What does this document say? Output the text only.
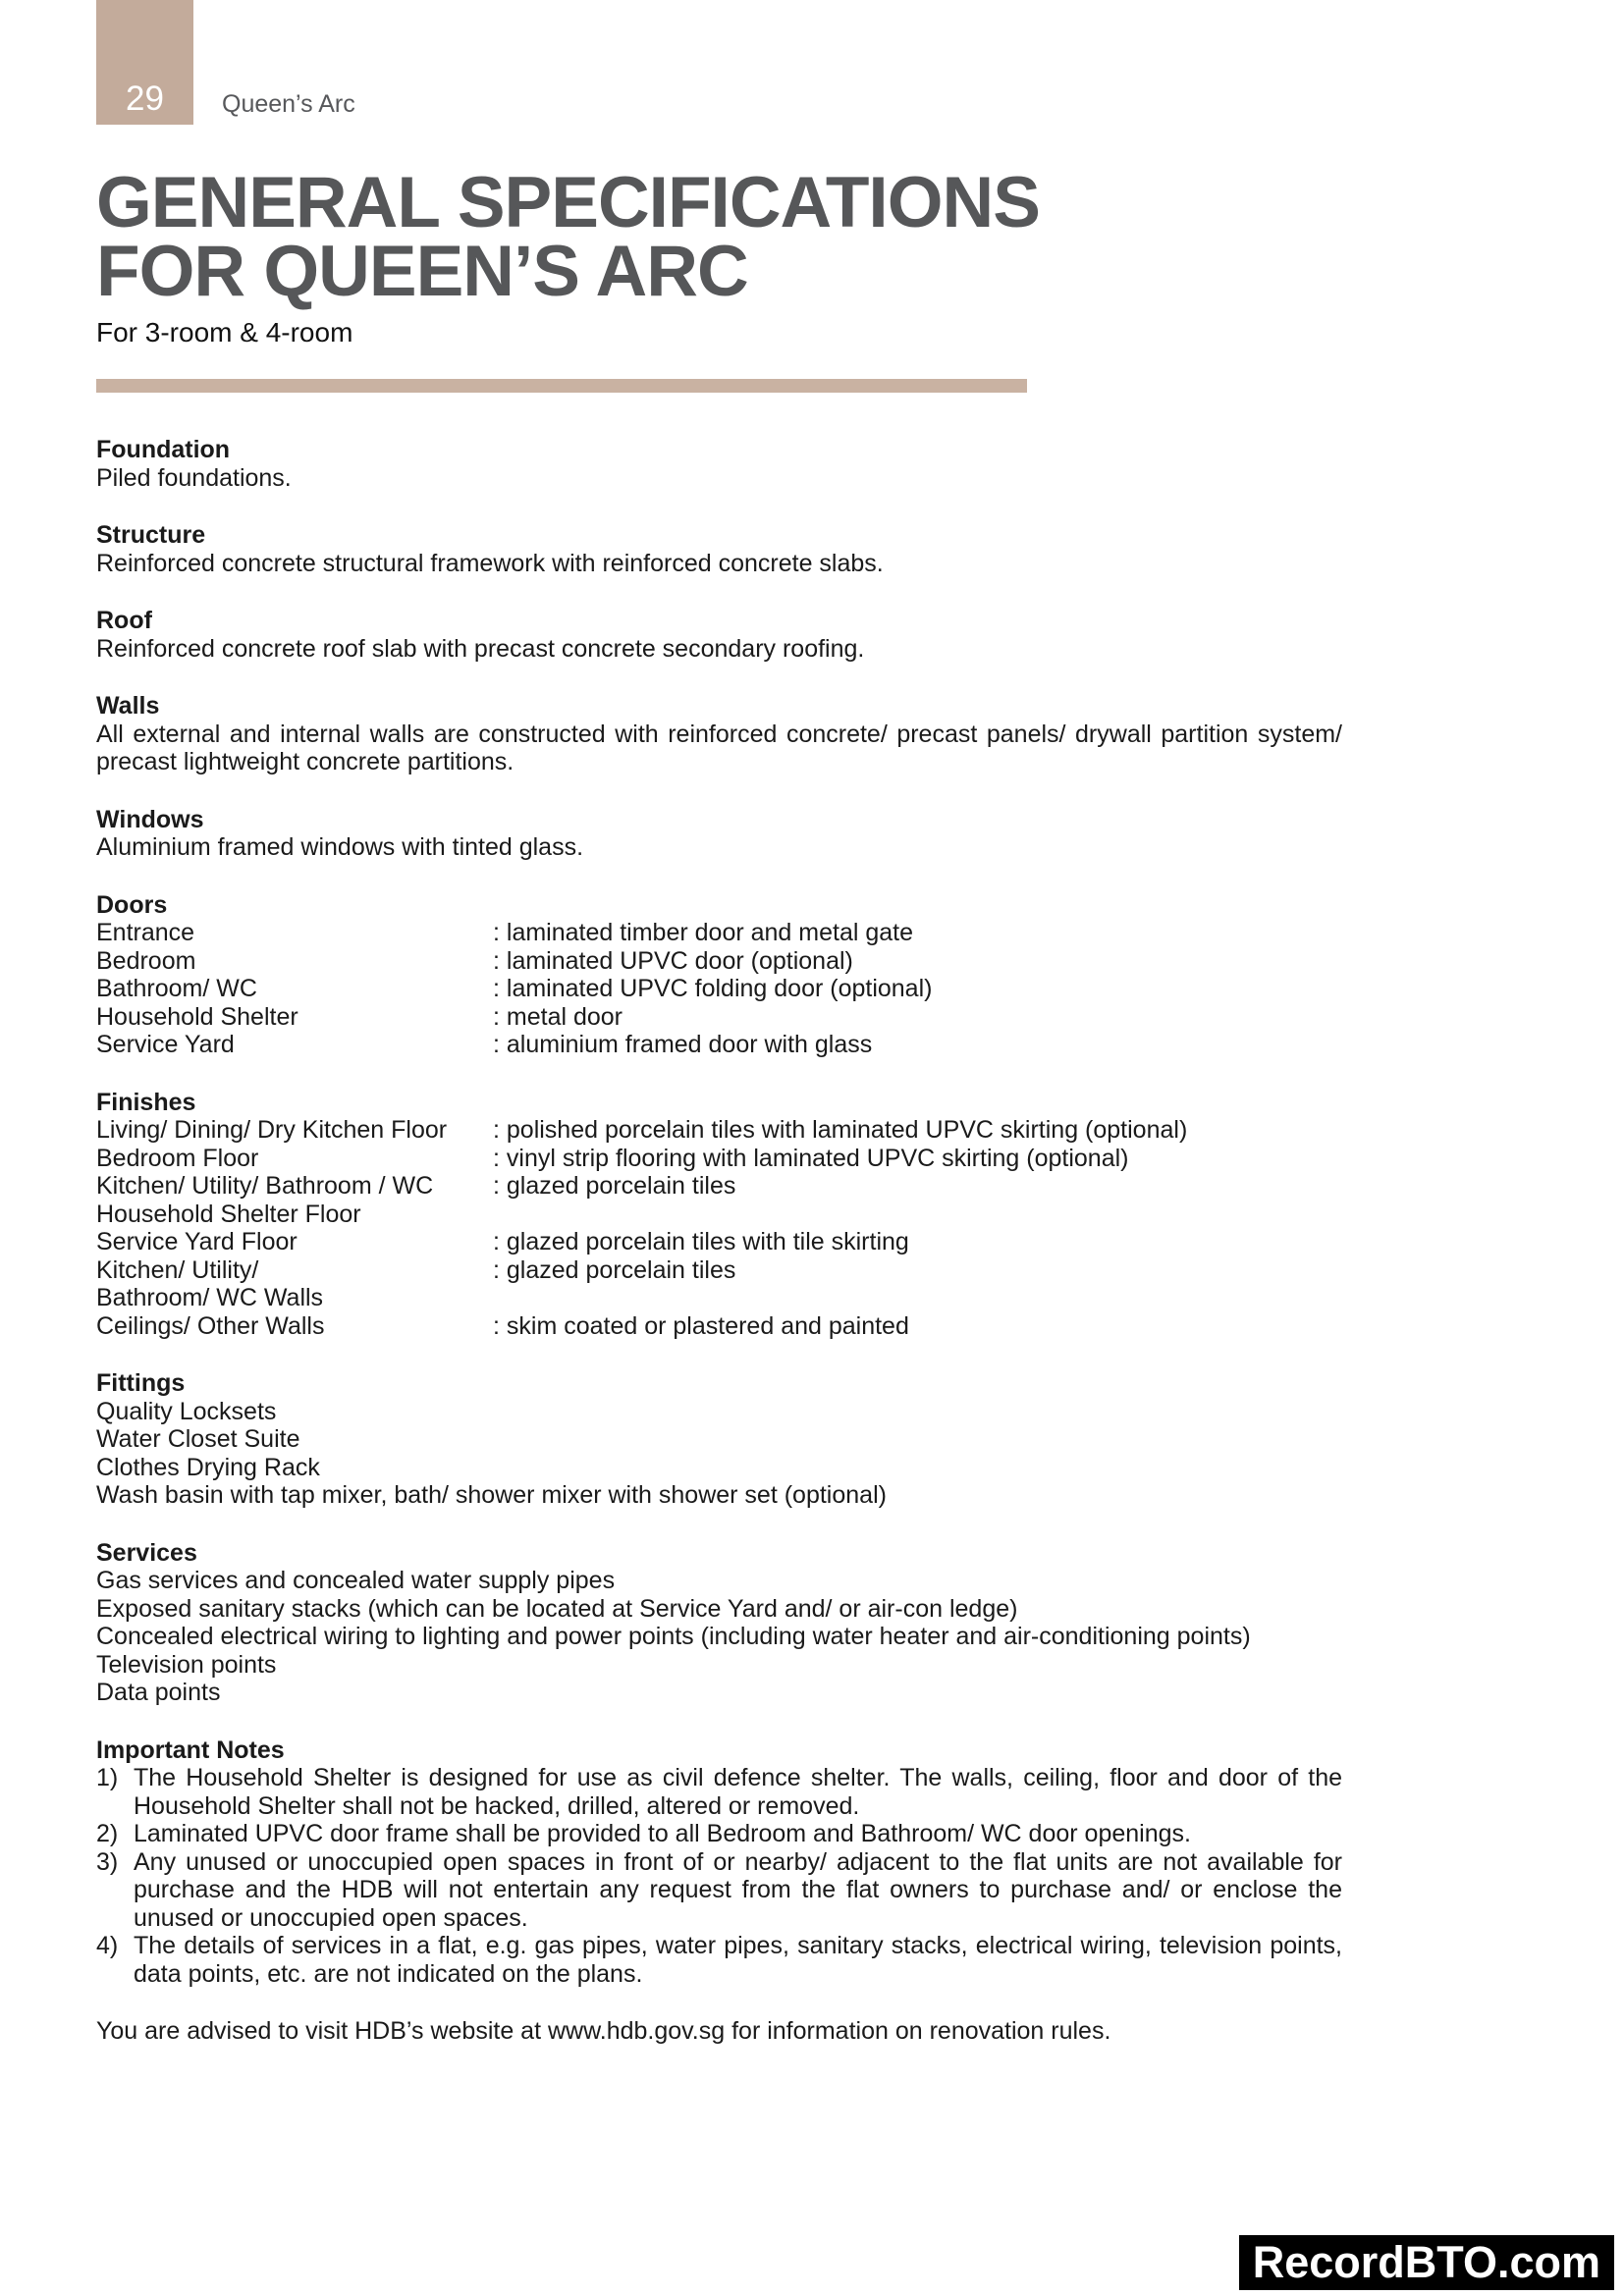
29	Queen’s Arc
GENERAL SPECIFICATIONS
FOR QUEEN’S ARC
For 3-room & 4-room
Foundation

Piled foundations.

Structure

Reinforced concrete structural framework with reinforced concrete slabs.

Roof

Reinforced concrete roof slab with precast concrete secondary roofing.

Walls

All external and internal walls are constructed with reinforced concrete/ precast panels/ drywall partition system/ precast lightweight concrete partitions.

Windows

Aluminium framed windows with tinted glass.

Doors
Entrance	: laminated timber door and metal gate
Bedroom	: laminated UPVC door (optional)
Bathroom/ WC	: laminated UPVC folding door (optional)
Household Shelter	: metal door
Service Yard	: aluminium framed door with glass
Finishes
Living/ Dining/ Dry Kitchen Floor	: polished porcelain tiles with laminated UPVC skirting (optional)
Bedroom Floor	: vinyl strip flooring with laminated UPVC skirting (optional)
Kitchen/ Utility/ Bathroom / WC	: glazed porcelain tiles
Household Shelter Floor
Service Yard Floor	: glazed porcelain tiles with tile skirting
Kitchen/ Utility/	: glazed porcelain tiles
Bathroom/ WC Walls
Ceilings/ Other Walls	: skim coated or plastered and painted
Fittings

Quality Locksets

Water Closet Suite

Clothes Drying Rack

Wash basin with tap mixer, bath/ shower mixer with shower set (optional)

Services

Gas services and concealed water supply pipes

Exposed sanitary stacks (which can be located at Service Yard and/ or air-con ledge)

Concealed electrical wiring to lighting and power points (including water heater and air-conditioning points)

Television points

Data points

Important Notes
1) The Household Shelter is designed for use as civil defence shelter. The walls, ceiling, floor and door of the Household Shelter shall not be hacked, drilled, altered or removed.
2) Laminated UPVC door frame shall be provided to all Bedroom and Bathroom/ WC door openings.
3) Any unused or unoccupied open spaces in front of or nearby/ adjacent to the flat units are not available for purchase and the HDB will not entertain any request from the flat owners to purchase and/ or enclose the unused or unoccupied open spaces.
4) The details of services in a flat, e.g. gas pipes, water pipes, sanitary stacks, electrical wiring, television points, data points, etc. are not indicated on the plans.

You are advised to visit HDB’s website at www.hdb.gov.sg for information on renovation rules.

RecordBTO.com
